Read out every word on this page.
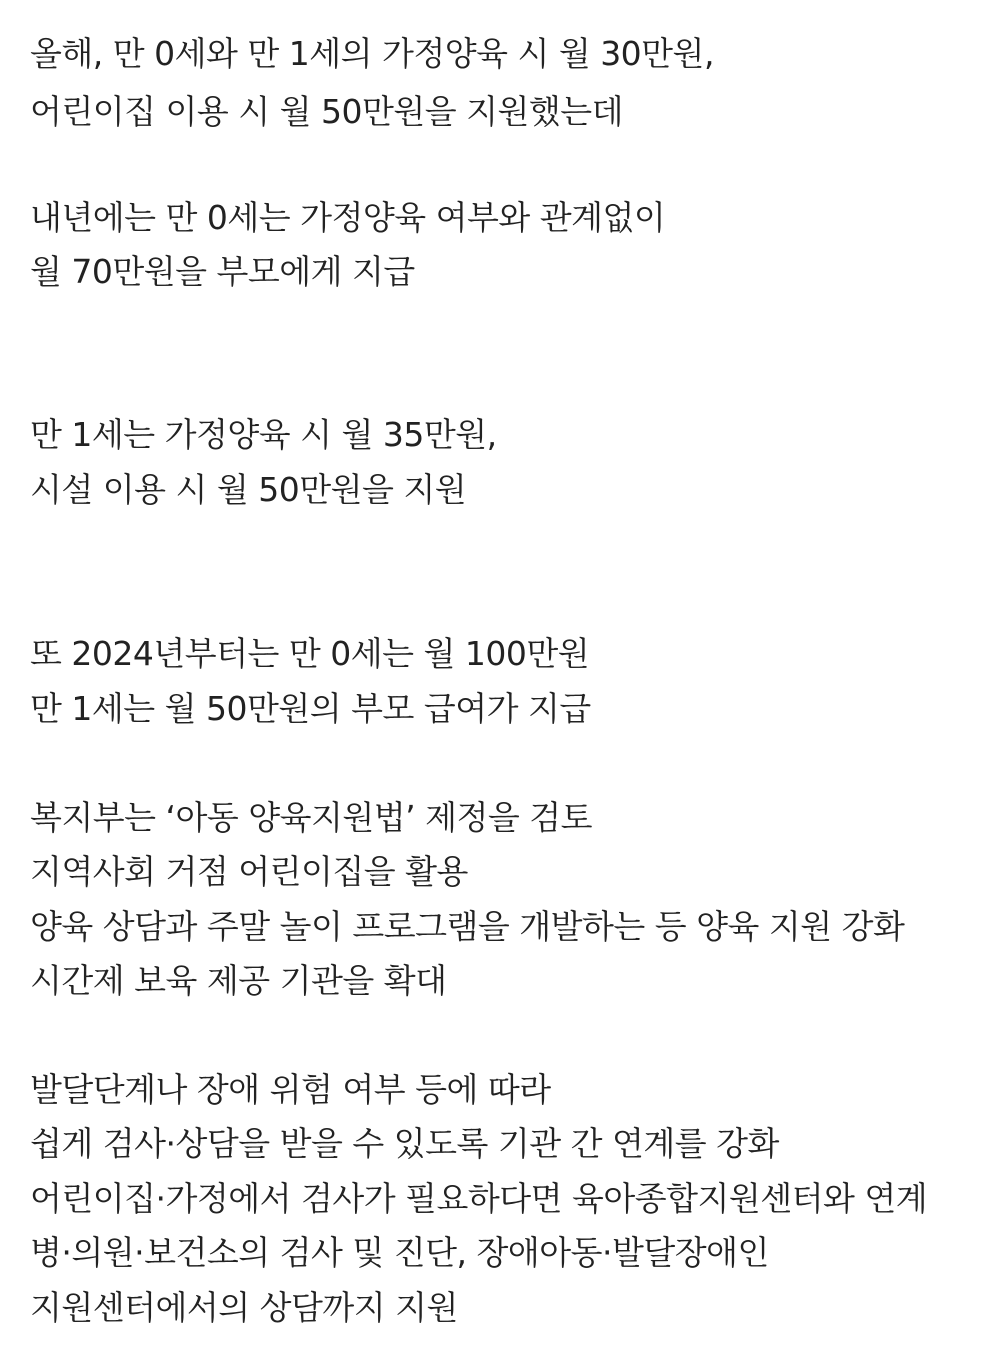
올해, 만 0세와 만 1세의 가정양육 시 월 30만원,
어린이집 이용 시 월 50만원을 지원했는데
내년에는 만 0세는 가정양육 여부와 관계없이
월 70만원을 부모에게 지급
만 1세는 가정양육 시 월 35만원,
시설 이용 시 월 50만원을 지원
또 2024년부터는 만 0세는 월 100만원
만 1세는 월 50만원의 부모 급여가 지급
복지부는 ‘아동 양육지원법’ 제정을 검토
지역사회 거점 어린이집을 활용
양육 상담과 주말 놀이 프로그램을 개발하는 등 양육 지원 강화
시간제 보육 제공 기관을 확대
발달단계나 장애 위험 여부 등에 따라
쉽게 검사·상담을 받을 수 있도록 기관 간 연계를 강화
어린이집·가정에서 검사가 필요하다면 육아종합지원센터와 연계
병·의원·보건소의 검사 및 진단, 장애아동·발달장애인
지원센터에서의 상담까지 지원
